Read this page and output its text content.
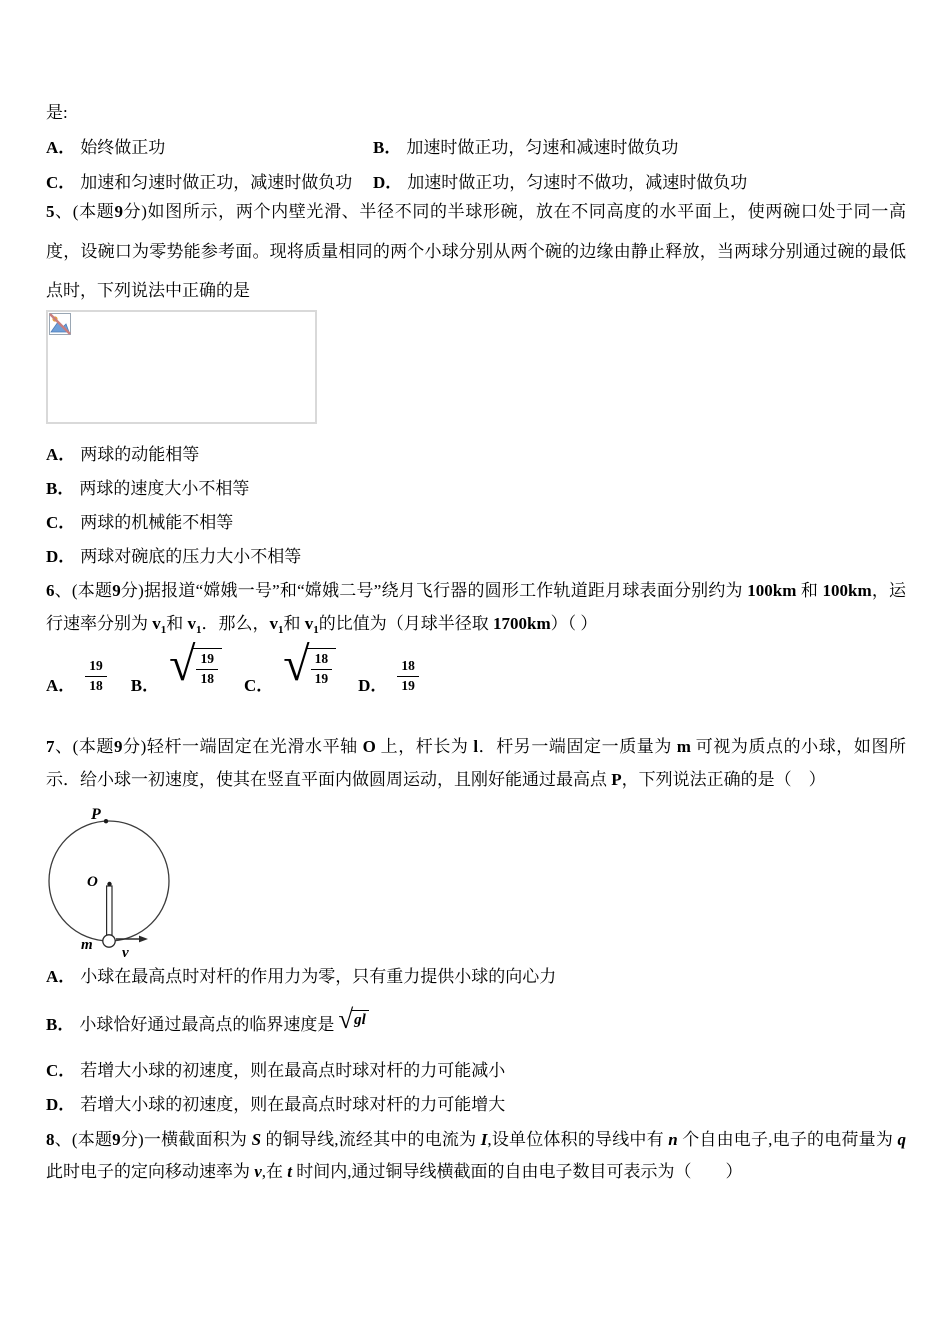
是:

A． 始终做正功	B． 加速时做正功，匀速和减速时做负功
C． 加速和匀速时做正功，减速时做负功	D． 加速时做正功，匀速时不做功，减速时做负功

5、(本题9分)如图所示，两个内壁光滑、半径不同的半球形碗，放在不同高度的水平面上，使两碗口处于同一高度，设碗口为零势能参考面。现将质量相同的两个小球分别从两个碗的边缘由静止释放，当两球分别通过碗的最低点时，下列说法中正确的是

A． 两球的动能相等
B． 两球的速度大小不相等
C． 两球的机械能不相等
D． 两球对碗底的压力大小不相等

6、(本题9分)据报道“嫦娥一号”和“嫦娥二号”绕月飞行器的圆形工作轨道距月球表面分别约为 100km 和 100km，运行速率分别为 $v_1$和 $v_1$．那么，$v_1$和 $v_1$的比值为（月球半径取 1700km）（ ）

A． $\frac{19}{18}$ B． √ $\frac{19}{18}$ C． √ $\frac{18}{19}$ D． $\frac{18}{19}$

7、(本题9分)轻杆一端固定在光滑水平轴 O 上，杆长为 l．杆另一端固定一质量为 m 可视为质点的小球，如图所示．给小球一初速度，使其在竖直平面内做圆周运动，且刚好能通过最高点 P，下列说法正确的是（　）

P
O
m v
A． 小球在最高点时对杆的作用力为零，只有重力提供小球的向心力
B． 小球恰好通过最高点的临界速度是 √ gl
C． 若增大小球的初速度，则在最高点时球对杆的力可能减小
D． 若增大小球的初速度，则在最高点时球对杆的力可能增大

8、(本题9分)一横截面积为 S 的铜导线,流经其中的电流为 I,设单位体积的导线中有 n 个自由电子,电子的电荷量为 q 此时电子的定向移动速率为 v,在 t 时间内,通过铜导线横截面的自由电子数目可表示为（　　）
